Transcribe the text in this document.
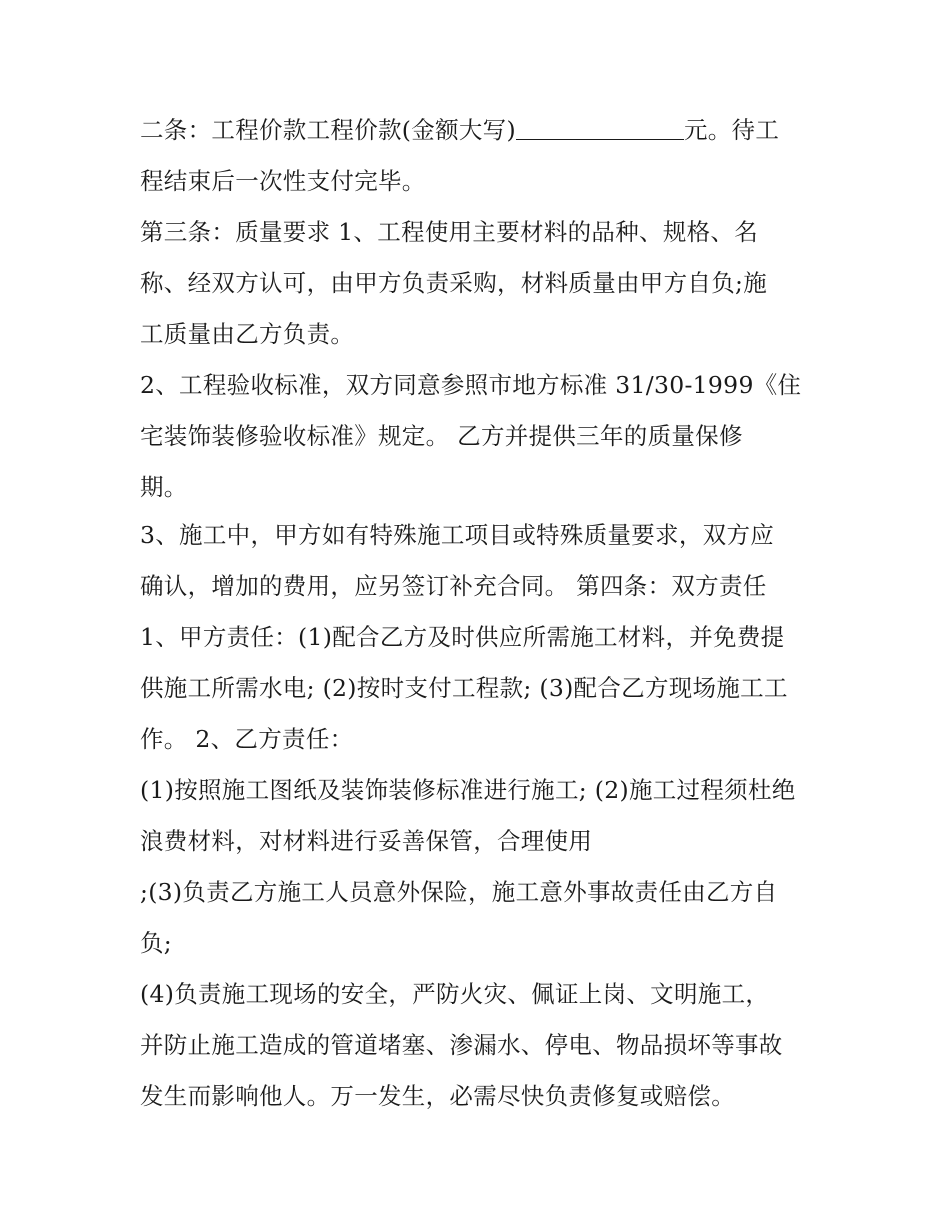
二条：工程价款工程价款(金额大写)	元。待工
程结束后一次性支付完毕。
第三条：质量要求 1、工程使用主要材料的品种、规格、名
称、经双方认可，由甲方负责采购，材料质量由甲方自负;施
工质量由乙方负责。
2、工程验收标准，双方同意参照市地方标准 31/30-1999《住
宅装饰装修验收标准》规定。 乙方并提供三年的质量保修
期。
3、施工中，甲方如有特殊施工项目或特殊质量要求，双方应
确认，增加的费用，应另签订补充合同。 第四条：双方责任
1、甲方责任：(1)配合乙方及时供应所需施工材料，并免费提
供施工所需水电; (2)按时支付工程款; (3)配合乙方现场施工工
作。 2、乙方责任：
(1)按照施工图纸及装饰装修标准进行施工; (2)施工过程须杜绝
浪费材料，对材料进行妥善保管，合理使用
;(3)负责乙方施工人员意外保险，施工意外事故责任由乙方自
负;
(4)负责施工现场的安全，严防火灾、佩证上岗、文明施工，
并防止施工造成的管道堵塞、渗漏水、停电、物品损坏等事故
发生而影响他人。万一发生，必需尽快负责修复或赔偿。
